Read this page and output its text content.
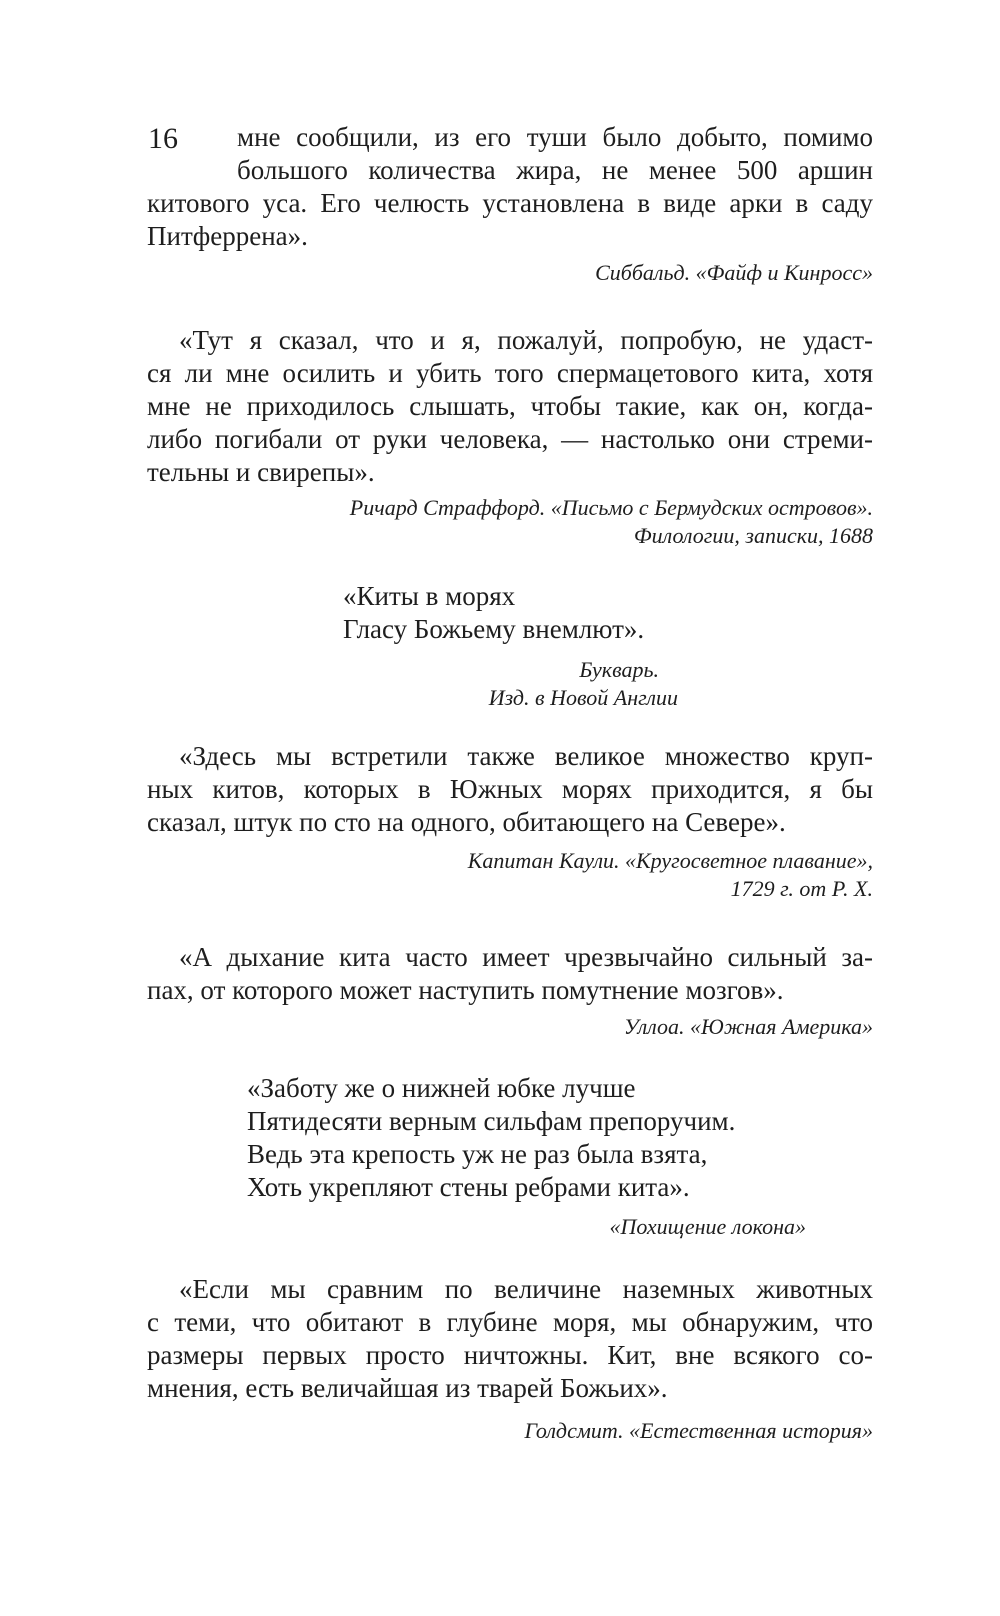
16	мне сообщили, из его туши было добыто, помимо
большого количества жира, не менее 500 аршин
китового уса. Его челюсть установлена в виде арки в саду
Питферрена».
Сиббальд. «Файф и Кинросс»
«Тут я сказал, что и я, пожалуй, попробую, не удаст-
ся ли мне осилить и убить того спермацетового кита, хотя
мне не приходилось слышать, чтобы такие, как он, когда-
либо погибали от руки человека, — настолько они стреми-
тельны и свирепы».
Ричард Страффорд. «Письмо с Бермудских островов».
Филологии, записки, 1688
«Киты в морях
Гласу Божьему внемлют».
Букварь.
Изд. в Новой Англии
«Здесь мы встретили также великое множество круп-
ных китов, которых в Южных морях приходится, я бы
сказал, штук по сто на одного, обитающего на Севере».
Капитан Каули. «Кругосветное плавание»,
1729 г. от Р. Х.
«А дыхание кита часто имеет чрезвычайно сильный за-
пах, от которого может наступить помутнение мозгов».
Уллоа. «Южная Америка»
«Заботу же о нижней юбке лучше
Пятидесяти верным сильфам препоручим.
Ведь эта крепость уж не раз была взята,
Хоть укрепляют стены ребрами кита».
«Похищение локона»
«Если мы сравним по величине наземных животных
с теми, что обитают в глубине моря, мы обнаружим, что
размеры первых просто ничтожны. Кит, вне всякого со-
мнения, есть величайшая из тварей Божьих».
Голдсмит. «Естественная история»
